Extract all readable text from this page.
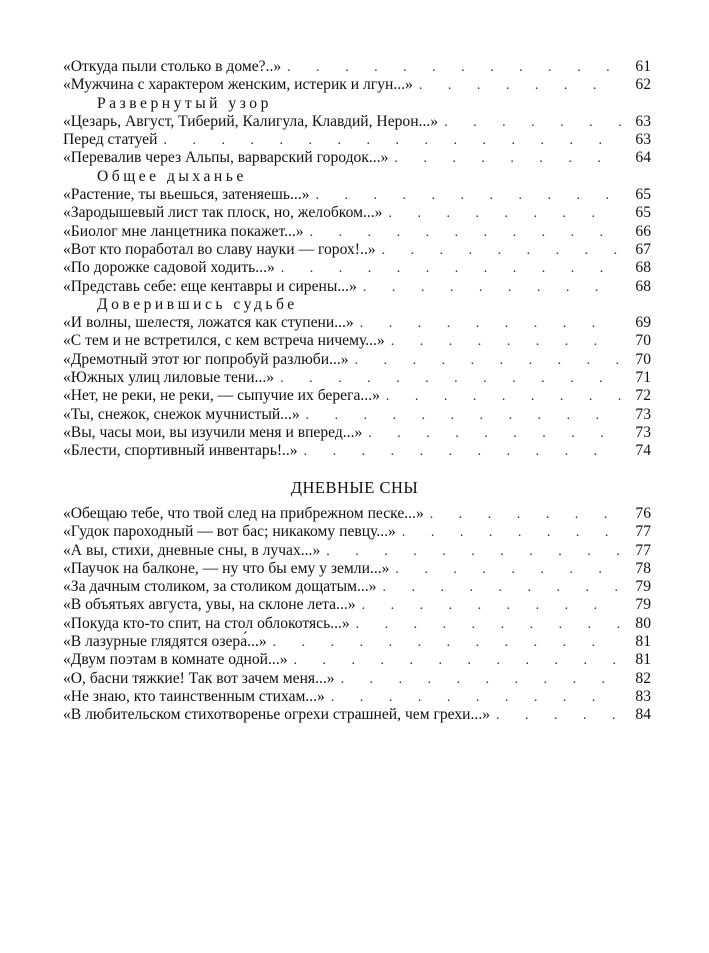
«Откуда пыли столько в доме?..» . . .	61
«Мужчина с характером женским, истерик и лгун...» . . .	62
Развернутый узор
«Цезарь, Август, Тиберий, Калигула, Клавдий, Нерон...» . . .	63
Перед статуей . . .	63
«Перевалив через Альпы, варварский городок...» . . .	64
Общее дыханье
«Растение, ты вьешься, затеняешь...» . . .	65
«Зародышевый лист так плоск, но, желобком...» . . .	65
«Биолог мне ланцетника покажет...» . . .	66
«Вот кто поработал во славу науки — горох!..» . . .	67
«По дорожке садовой ходить...» . . .	68
«Представь себе: еще кентавры и сирены...» . . .	68
Доверившись судьбе
«И волны, шелестя, ложатся как ступени...» . . .	69
«С тем и не встретился, с кем встреча ничему...» . . .	70
«Дремотный этот юг попробуй разлюби...» . . .	70
«Южных улиц лиловые тени...» . . .	71
«Нет, не реки, не реки, — сыпучие их берега...» . . .	72
«Ты, снежок, снежок мучнистый...» . . .	73
«Вы, часы мои, вы изучили меня и вперед...» . . .	73
«Блести, спортивный инвентарь!..» . . .	74
ДНЕВНЫЕ СНЫ
«Обещаю тебе, что твой след на прибрежном песке...» . . .	76
«Гудок пароходный — вот бас; никакому певцу...» . . .	77
«А вы, стихи, дневные сны, в лучах...» . . .	77
«Паучок на балконе, — ну что бы ему у земли...» . . .	78
«За дачным столиком, за столиком дощатым...» . . .	79
«В объятьях августа, увы, на склоне лета...» . . .	79
«Покуда кто-то спит, на стол облокотясь...» . . .	80
«В лазурные глядятся озера́...» . . .	81
«Двум поэтам в комнате одной...» . . .	81
«О, басни тяжкие! Так вот зачем меня...» . . .	82
«Не знаю, кто таинственным стихам...» . . .	83
«В любительском стихотворенье огрехи страшней, чем грехи...» . . .	84
